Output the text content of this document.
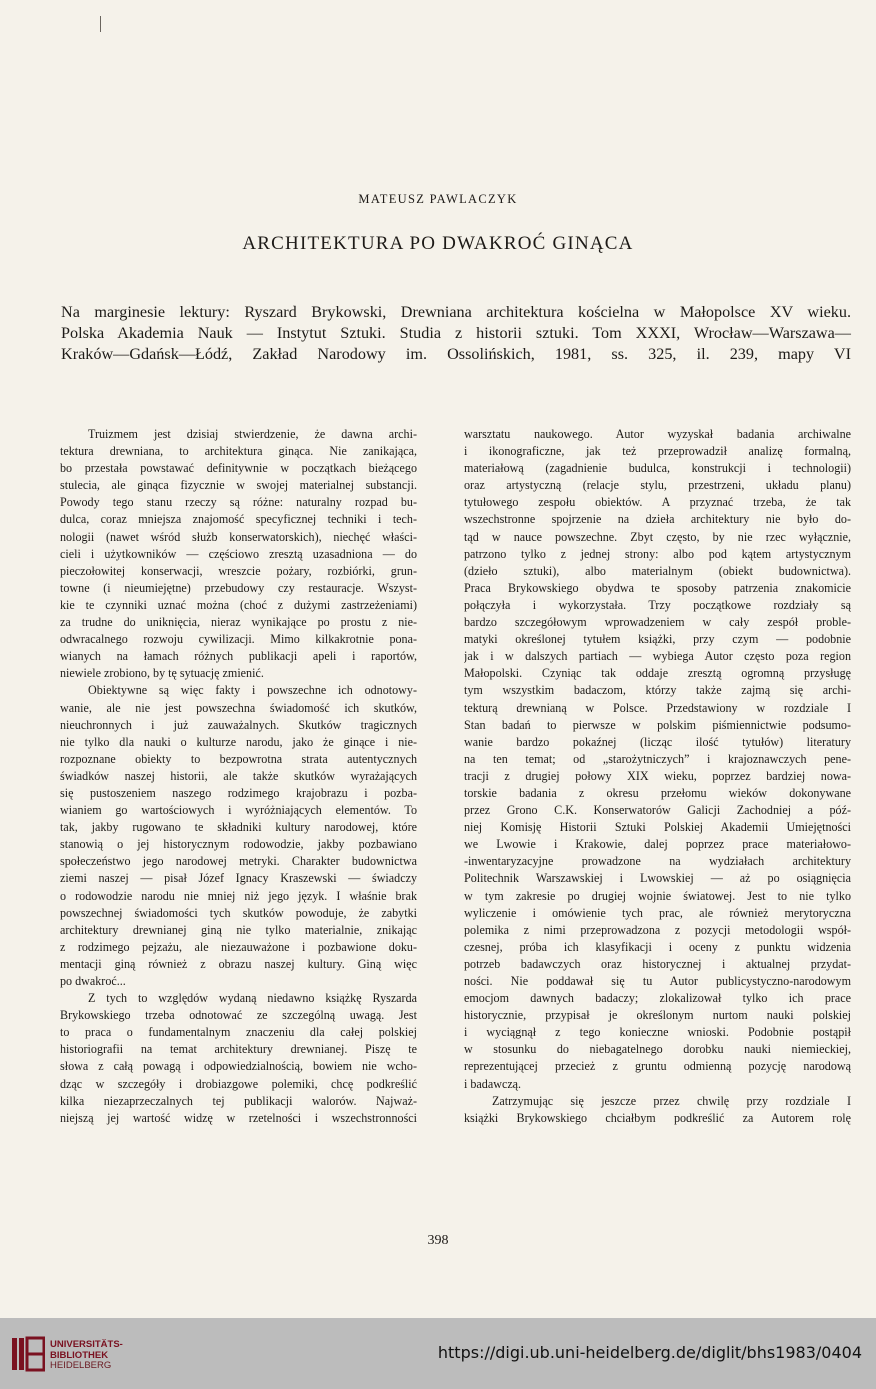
MATEUSZ PAWLACZYK
ARCHITEKTURA PO DWAKROĆ GINĄCA
Na marginesie lektury: Ryszard Brykowski, Drewniana architektura kościelna w Małopolsce XV wieku.
Polska Akademia Nauk — Instytut Sztuki. Studia z historii sztuki. Tom XXXI, Wrocław—Warszawa—
Kraków—Gdańsk—Łódź, Zakład Narodowy im. Ossolińskich, 1981, ss. 325, il. 239, mapy VI
Truizmem jest dzisiaj stwierdzenie, że dawna archi-
tektura drewniana, to architektura ginąca. Nie zanikająca,
bo przestała powstawać definitywnie w początkach bieżącego
stulecia, ale ginąca fizycznie w swojej materialnej substancji.
Powody tego stanu rzeczy są różne: naturalny rozpad bu-
dulca, coraz mniejsza znajomość specyficznej techniki i tech-
nologii (nawet wśród służb konserwatorskich), niechęć właści-
cieli i użytkowników — częściowo zresztą uzasadniona — do
pieczołowitej konserwacji, wreszcie pożary, rozbiórki, grun-
towne (i nieumiejętne) przebudowy czy restauracje. Wszyst-
kie te czynniki uznać można (choć z dużymi zastrzeżeniami)
za trudne do uniknięcia, nieraz wynikające po prostu z nie-
odwracalnego rozwoju cywilizacji. Mimo kilkakrotnie pona-
wianych na łamach różnych publikacji apeli i raportów,
niewiele zrobiono, by tę sytuację zmienić.
Obiektywne są więc fakty i powszechne ich odnotowy-
wanie, ale nie jest powszechna świadomość ich skutków,
nieuchronnych i już zauważalnych. Skutków tragicznych
nie tylko dla nauki o kulturze narodu, jako że ginące i nie-
rozpoznane obiekty to bezpowrotna strata autentycznych
świadków naszej historii, ale także skutków wyrażających
się pustoszeniem naszego rodzimego krajobrazu i pozba-
wianiem go wartościowych i wyróżniających elementów. To
tak, jakby rugowano te składniki kultury narodowej, które
stanowią o jej historycznym rodowodzie, jakby pozbawiano
społeczeństwo jego narodowej metryki. Charakter budownictwa
ziemi naszej — pisał Józef Ignacy Kraszewski — świadczy
o rodowodzie narodu nie mniej niż jego język. I właśnie brak
powszechnej świadomości tych skutków powoduje, że zabytki
architektury drewnianej giną nie tylko materialnie, znikając
z rodzimego pejzażu, ale niezauważone i pozbawione doku-
mentacji giną również z obrazu naszej kultury. Giną więc
po dwakroć...
Z tych to względów wydaną niedawno książkę Ryszarda
Brykowskiego trzeba odnotować ze szczególną uwagą. Jest
to praca o fundamentalnym znaczeniu dla całej polskiej
historiografii na temat architektury drewnianej. Piszę te
słowa z całą powagą i odpowiedzialnością, bowiem nie wcho-
dząc w szczegóły i drobiazgowe polemiki, chcę podkreślić
kilka niezaprzeczalnych tej publikacji walorów. Najważ-
niejszą jej wartość widzę w rzetelności i wszechstronności
warsztatu naukowego. Autor wyzyskał badania archiwalne
i ikonograficzne, jak też przeprowadził analizę formalną,
materiałową (zagadnienie budulca, konstrukcji i technologii)
oraz artystyczną (relacje stylu, przestrzeni, układu planu)
tytułowego zespołu obiektów. A przyznać trzeba, że tak
wszechstronne spojrzenie na dzieła architektury nie było do-
tąd w nauce powszechne. Zbyt często, by nie rzec wyłącznie,
patrzono tylko z jednej strony: albo pod kątem artystycznym
(dzieło sztuki), albo materialnym (obiekt budownictwa).
Praca Brykowskiego obydwa te sposoby patrzenia znakomicie
połączyła i wykorzystała. Trzy początkowe rozdziały są
bardzo szczegółowym wprowadzeniem w cały zespół proble-
matyki określonej tytułem książki, przy czym — podobnie
jak i w dalszych partiach — wybiega Autor często poza region
Małopolski. Czyniąc tak oddaje zresztą ogromną przysługę
tym wszystkim badaczom, którzy także zajmą się archi-
tekturą drewnianą w Polsce. Przedstawiony w rozdziale I
Stan badań to pierwsze w polskim piśmiennictwie podsumo-
wanie bardzo pokaźnej (licząc ilość tytułów) literatury
na ten temat; od „starożytniczych” i krajoznawczych pene-
tracji z drugiej połowy XIX wieku, poprzez bardziej nowa-
torskie badania z okresu przełomu wieków dokonywane
przez Grono C.K. Konserwatorów Galicji Zachodniej a póź-
niej Komisję Historii Sztuki Polskiej Akademii Umiejętności
we Lwowie i Krakowie, dalej poprzez prace materiałowo-
-inwentaryzacyjne prowadzone na wydziałach architektury
Politechnik Warszawskiej i Lwowskiej — aż po osiągnięcia
w tym zakresie po drugiej wojnie światowej. Jest to nie tylko
wyliczenie i omówienie tych prac, ale również merytoryczna
polemika z nimi przeprowadzona z pozycji metodologii współ-
czesnej, próba ich klasyfikacji i oceny z punktu widzenia
potrzeb badawczych oraz historycznej i aktualnej przydat-
ności. Nie poddawał się tu Autor publicystyczno-narodowym
emocjom dawnych badaczy; zlokalizował tylko ich prace
historycznie, przypisał je określonym nurtom nauki polskiej
i wyciągnął z tego konieczne wnioski. Podobnie postąpił
w stosunku do niebagatelnego dorobku nauki niemieckiej,
reprezentującej przecież z gruntu odmienną pozycję narodową
i badawczą.
Zatrzymując się jeszcze przez chwilę przy rozdziale I
książki Brykowskiego chciałbym podkreślić za Autorem rolę
398
UNIVERSITÄTS-
BIBLIOTHEK
HEIDELBERG
https://digi.ub.uni-heidelberg.de/diglit/bhs1983/0404
